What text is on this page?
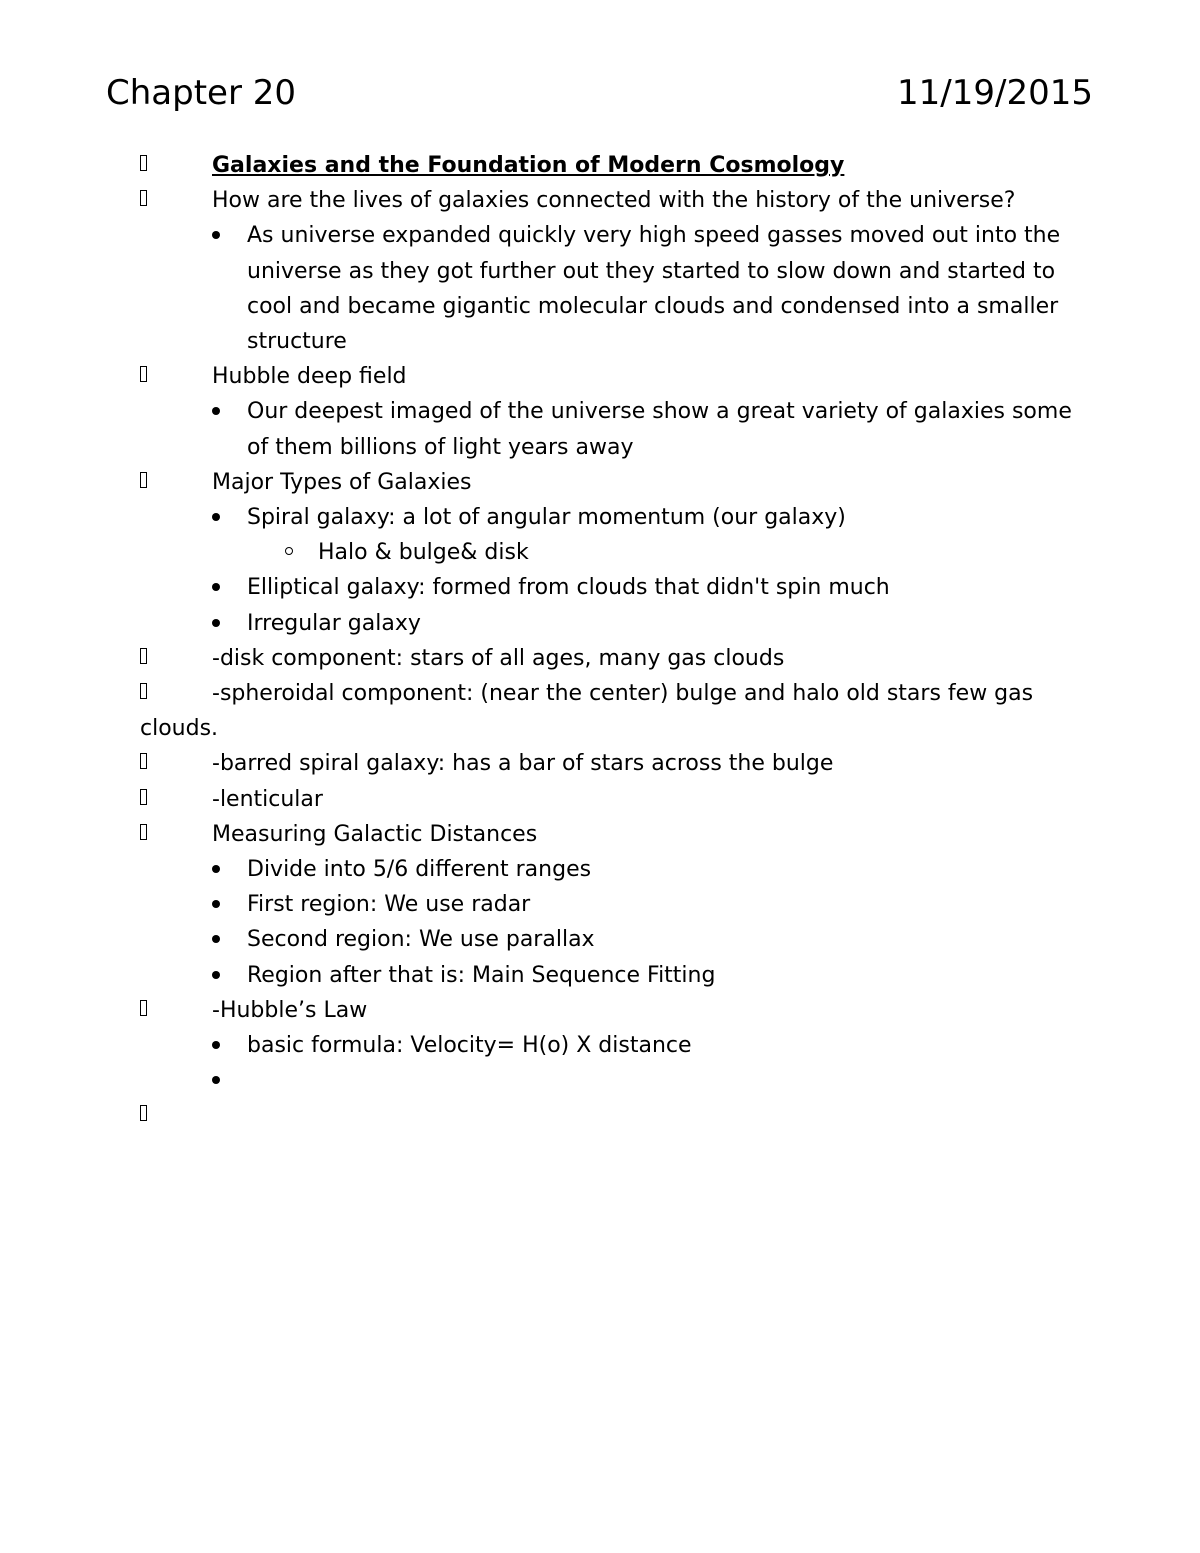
Chapter 20	11/19/2015
Galaxies and the Foundation of Modern Cosmology
How are the lives of galaxies connected with the history of the universe?
As universe expanded quickly very high speed gasses moved out into the universe as they got further out they started to slow down and started to cool and became gigantic molecular clouds and condensed into a smaller structure
Hubble deep field
Our deepest imaged of the universe show a great variety of galaxies some of them billions of light years away
Major Types of Galaxies
Spiral galaxy: a lot of angular momentum (our galaxy)
Halo & bulge& disk
Elliptical galaxy: formed from clouds that didn't spin much
Irregular galaxy
-disk component: stars of all ages, many gas clouds
-spheroidal component: (near the center) bulge and halo old stars few gas clouds.
-barred spiral galaxy: has a bar of stars across the bulge
-lenticular
Measuring Galactic Distances
Divide into 5/6 different ranges
First region: We use radar
Second region: We use parallax
Region after that is: Main Sequence Fitting
-Hubble’s Law
basic formula: Velocity= H(o) X distance
